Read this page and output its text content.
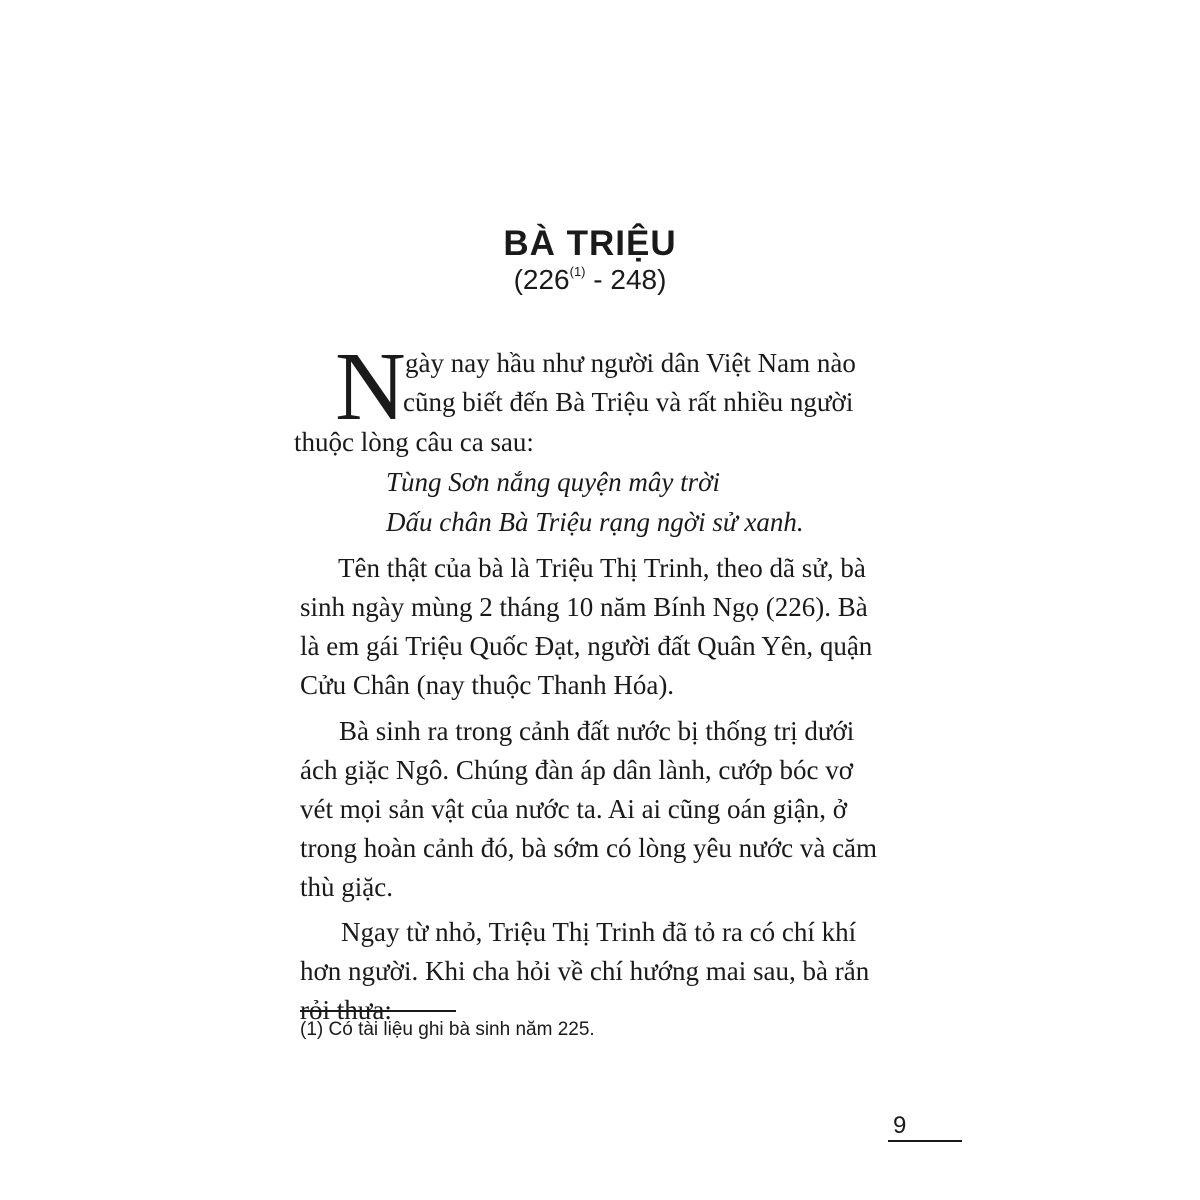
BÀ TRIỆU
(226$^{(1)}$ - 248)
N gày nay hầu như người dân Việt Nam nào
cũng biết đến Bà Triệu và rất nhiều người
thuộc lòng câu ca sau:
Tùng Sơn nắng quyện mây trời
Dấu chân Bà Triệu rạng ngời sử xanh.
Tên thật của bà là Triệu Thị Trinh, theo dã sử, bà
sinh ngày mùng 2 tháng 10 năm Bính Ngọ (226). Bà
là em gái Triệu Quốc Đạt, người đất Quân Yên, quận
Cửu Chân (nay thuộc Thanh Hóa).
Bà sinh ra trong cảnh đất nước bị thống trị dưới
ách giặc Ngô. Chúng đàn áp dân lành, cướp bóc vơ
vét mọi sản vật của nước ta. Ai ai cũng oán giận, ở
trong hoàn cảnh đó, bà sớm có lòng yêu nước và căm
thù giặc.
Ngay từ nhỏ, Triệu Thị Trinh đã tỏ ra có chí khí
hơn người. Khi cha hỏi về chí hướng mai sau, bà rắn
rỏi thưa:
(1) Có tài liệu ghi bà sinh năm 225.
9
